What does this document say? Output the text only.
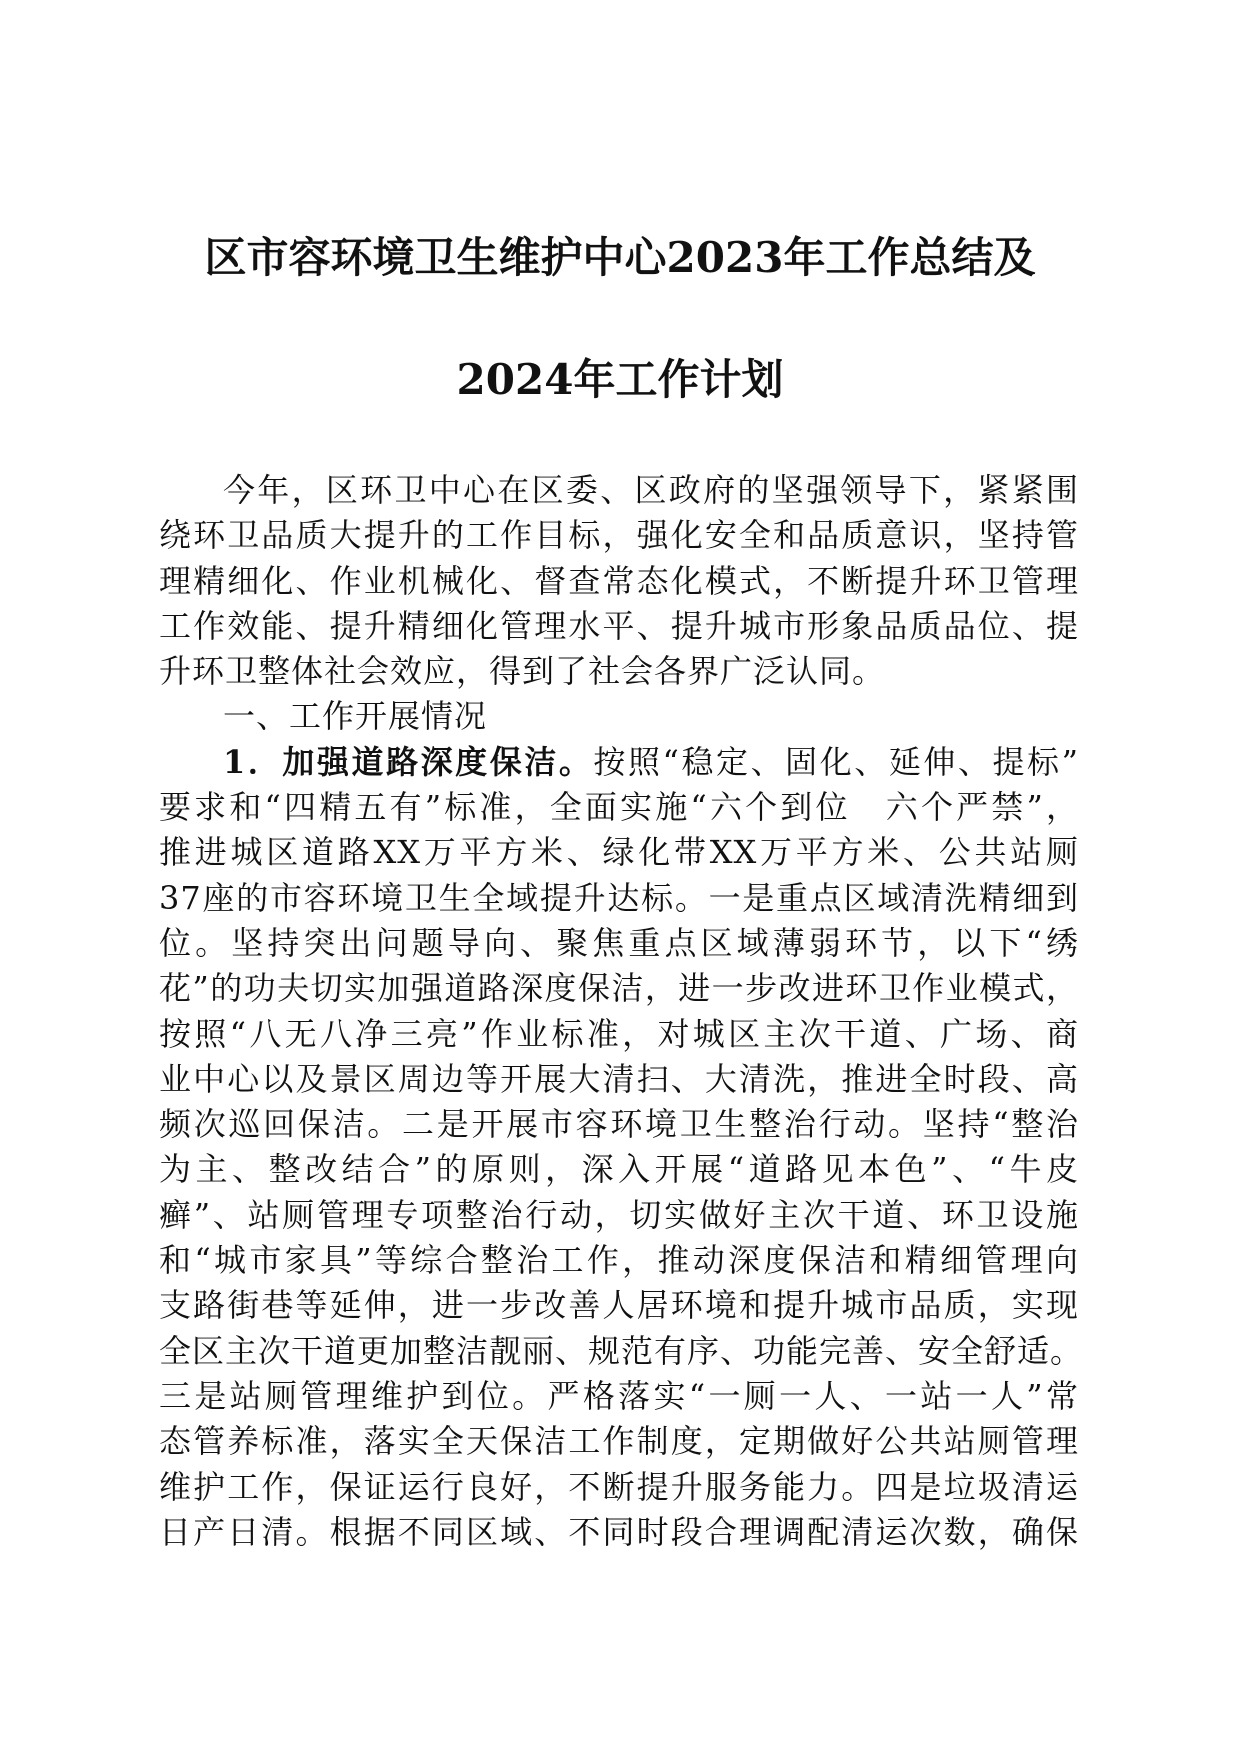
区市容环境卫生维护中心2023年工作总结及
2024年工作计划
今年，区环卫中心在区委、区政府的坚强领导下，紧紧围
绕环卫品质大提升的工作目标，强化安全和品质意识，坚持管
理精细化、作业机械化、督查常态化模式，不断提升环卫管理
工作效能、提升精细化管理水平、提升城市形象品质品位、提
升环卫整体社会效应，得到了社会各界广泛认同。
一、工作开展情况
1．加强道路深度保洁。按照“稳定、固化、延伸、提标”
要求和“四精五有”标准，全面实施“六个到位　六个严禁”，
推进城区道路XX万平方米、绿化带XX万平方米、公共站厕
37座的市容环境卫生全域提升达标。一是重点区域清洗精细到
位。坚持突出问题导向、聚焦重点区域薄弱环节，以下“绣
花”的功夫切实加强道路深度保洁，进一步改进环卫作业模式，
按照“八无八净三亮”作业标准，对城区主次干道、广场、商
业中心以及景区周边等开展大清扫、大清洗，推进全时段、高
频次巡回保洁。二是开展市容环境卫生整治行动。坚持“整治
为主、整改结合”的原则，深入开展“道路见本色”、“牛皮
癣”、站厕管理专项整治行动，切实做好主次干道、环卫设施
和“城市家具”等综合整治工作，推动深度保洁和精细管理向
支路街巷等延伸，进一步改善人居环境和提升城市品质，实现
全区主次干道更加整洁靓丽、规范有序、功能完善、安全舒适。
三是站厕管理维护到位。严格落实“一厕一人、一站一人”常
态管养标准，落实全天保洁工作制度，定期做好公共站厕管理
维护工作，保证运行良好，不断提升服务能力。四是垃圾清运
日产日清。根据不同区域、不同时段合理调配清运次数，确保
